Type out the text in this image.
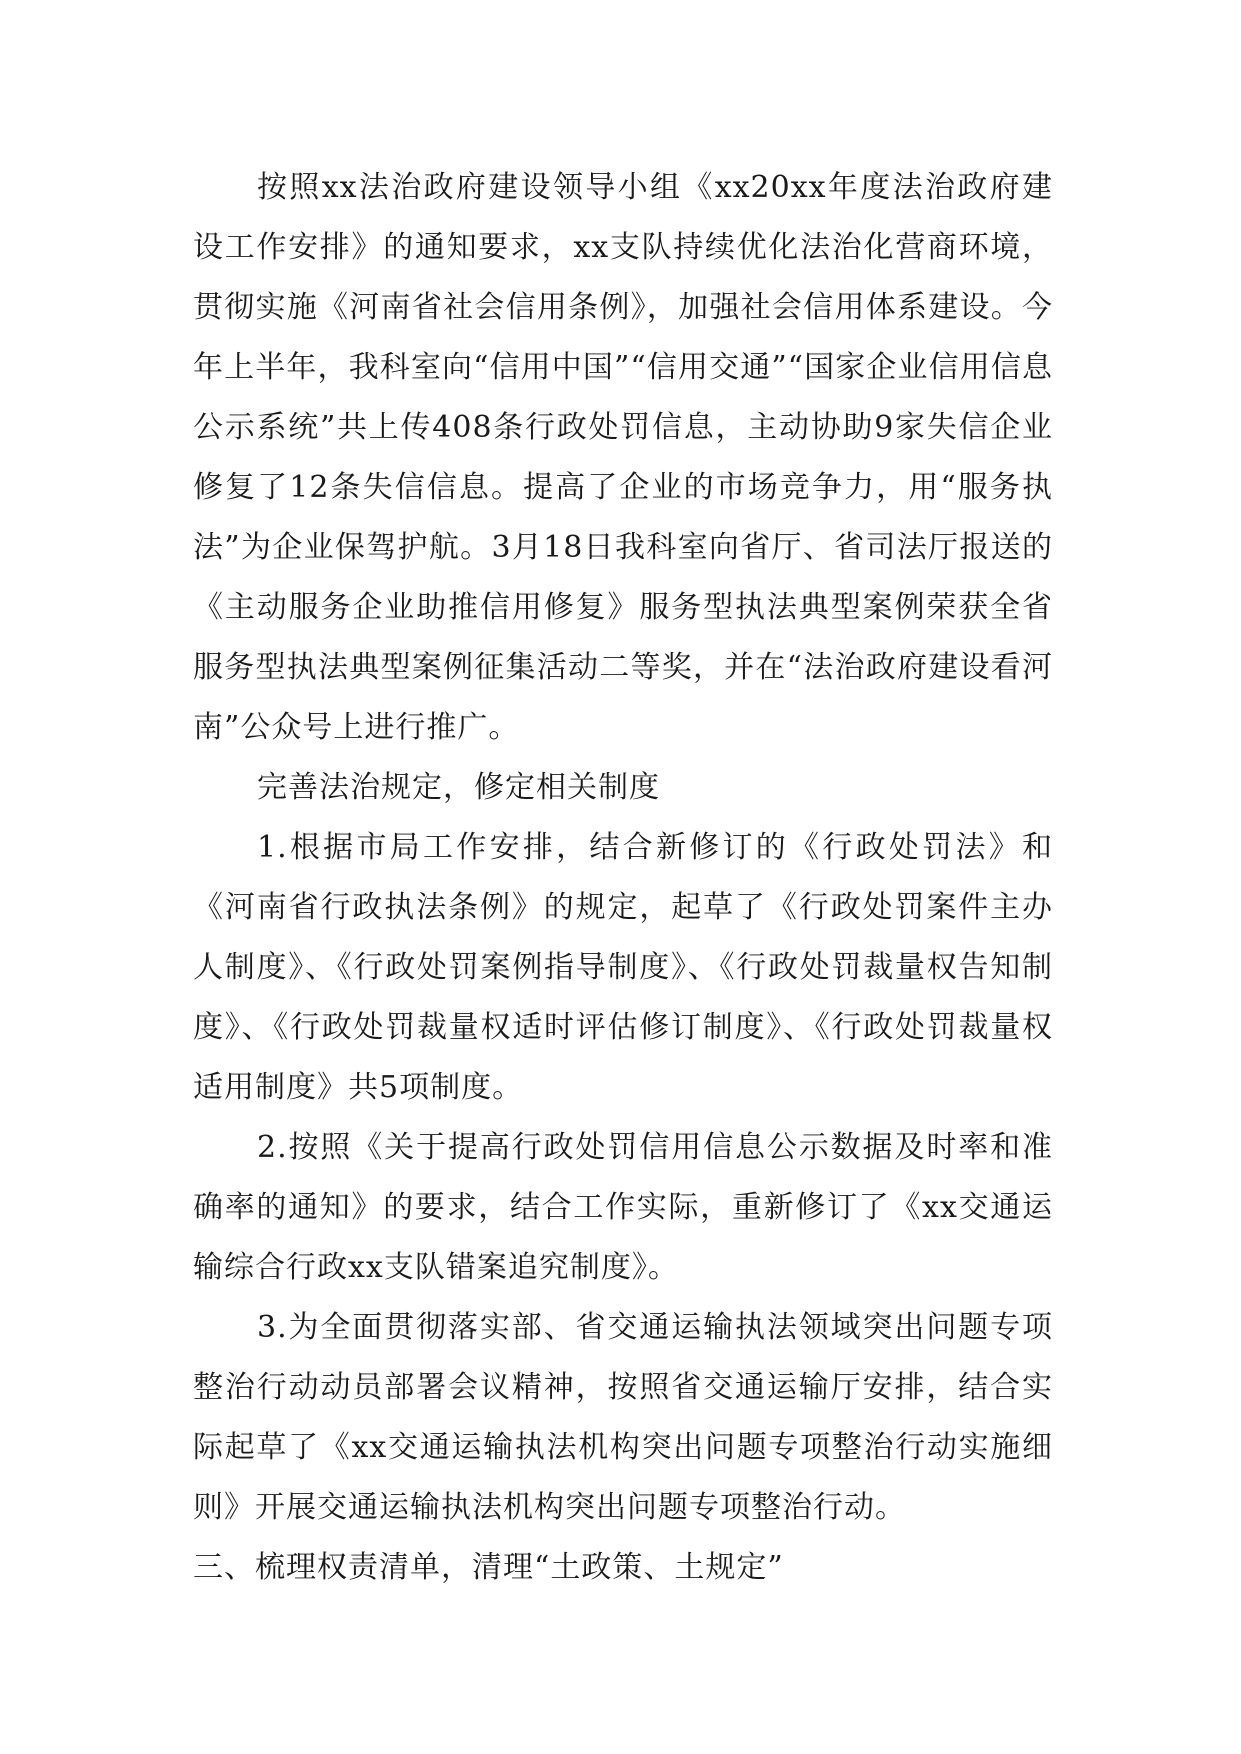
按照xx法治政府建设领导小组《xx20xx年度法治政府建设工作安排》的通知要求，xx支队持续优化法治化营商环境，贯彻实施《河南省社会信用条例》，加强社会信用体系建设。今年上半年，我科室向“信用中国”“信用交通”“国家企业信用信息公示系统”共上传408条行政处罚信息，主动协助9家失信企业修复了12条失信信息。提高了企业的市场竞争力，用“服务执法”为企业保驾护航。3月18日我科室向省厅、省司法厅报送的《主动服务企业助推信用修复》服务型执法典型案例荣获全省服务型执法典型案例征集活动二等奖，并在“法治政府建设看河南”公众号上进行推广。

完善法治规定，修定相关制度

1.根据市局工作安排，结合新修订的《行政处罚法》和《河南省行政执法条例》的规定，起草了《行政处罚案件主办人制度》、《行政处罚案例指导制度》、《行政处罚裁量权告知制度》、《行政处罚裁量权适时评估修订制度》、《行政处罚裁量权适用制度》共5项制度。

2.按照《关于提高行政处罚信用信息公示数据及时率和准确率的通知》的要求，结合工作实际，重新修订了《xx交通运输综合行政xx支队错案追究制度》。

3.为全面贯彻落实部、省交通运输执法领域突出问题专项整治行动动员部署会议精神，按照省交通运输厅安排，结合实际起草了《xx交通运输执法机构突出问题专项整治行动实施细则》开展交通运输执法机构突出问题专项整治行动。

三、梳理权责清单，清理“土政策、土规定”
